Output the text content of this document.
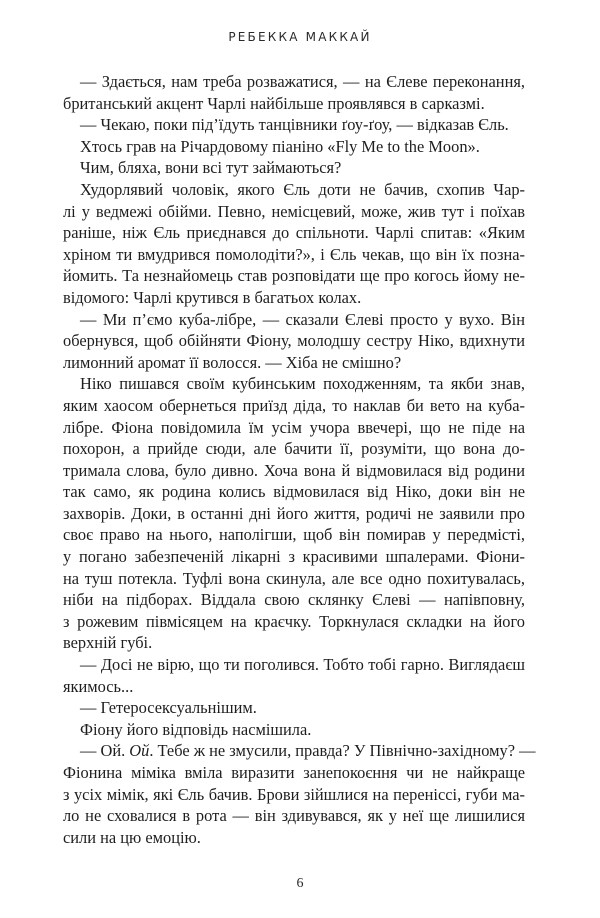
РЕБЕККА МАККАЙ
— Здається, нам треба розважатися, — на Єлеве переконання,
британський акцент Чарлі найбільше проявлявся в сарказмі.
— Чекаю, поки під’їдуть танцівники ґоу-ґоу, — відказав Єль.
Хтось грав на Річардовому піаніно «Fly Me to the Moon».
Чим, бляха, вони всі тут займаються?
Худорлявий чоловік, якого Єль доти не бачив, схопив Чар-
лі у ведмежі обійми. Певно, немісцевий, може, жив тут і поїхав
раніше, ніж Єль приєднався до спільноти. Чарлі спитав: «Яким
хріном ти вмудрився помолодіти?», і Єль чекав, що він їх позна-
йомить. Та незнайомець став розповідати ще про когось йому не-
відомого: Чарлі крутився в багатьох колах.
— Ми п’ємо куба-лібре, — сказали Єлеві просто у вухо. Він
обернувся, щоб обійняти Фіону, молодшу сестру Ніко, вдихнути
лимонний аромат її волосся. — Хіба не смішно?
Ніко пишався своїм кубинським походженням, та якби знав,
яким хаосом обернеться приїзд діда, то наклав би вето на куба-
лібре. Фіона повідомила їм усім учора ввечері, що не піде на
похорон, а прийде сюди, але бачити її, розуміти, що вона до-
тримала слова, було дивно. Хоча вона й відмовилася від родини
так само, як родина колись відмовилася від Ніко, доки він не
захворів. Доки, в останні дні його життя, родичі не заявили про
своє право на нього, наполігши, щоб він помирав у передмісті,
у погано забезпеченій лікарні з красивими шпалерами. Фіони-
на туш потекла. Туфлі вона скинула, але все одно похитувалась,
ніби на підборах. Віддала свою склянку Єлеві — напівповну,
з рожевим півмісяцем на краєчку. Торкнулася складки на його
верхній губі.
— Досі не вірю, що ти поголився. Тобто тобі гарно. Виглядаєш
якимось...
— Гетеросексуальнішим.
Фіону його відповідь насмішила.
— Ой. Ой. Тебе ж не змусили, правда? У Північно-західному? —
Фіонина міміка вміла виразити занепокоєння чи не найкраще
з усіх мімік, які Єль бачив. Брови зійшлися на переніссі, губи ма-
ло не сховалися в рота — він здивувався, як у неї ще лишилися
сили на цю емоцію.
6
